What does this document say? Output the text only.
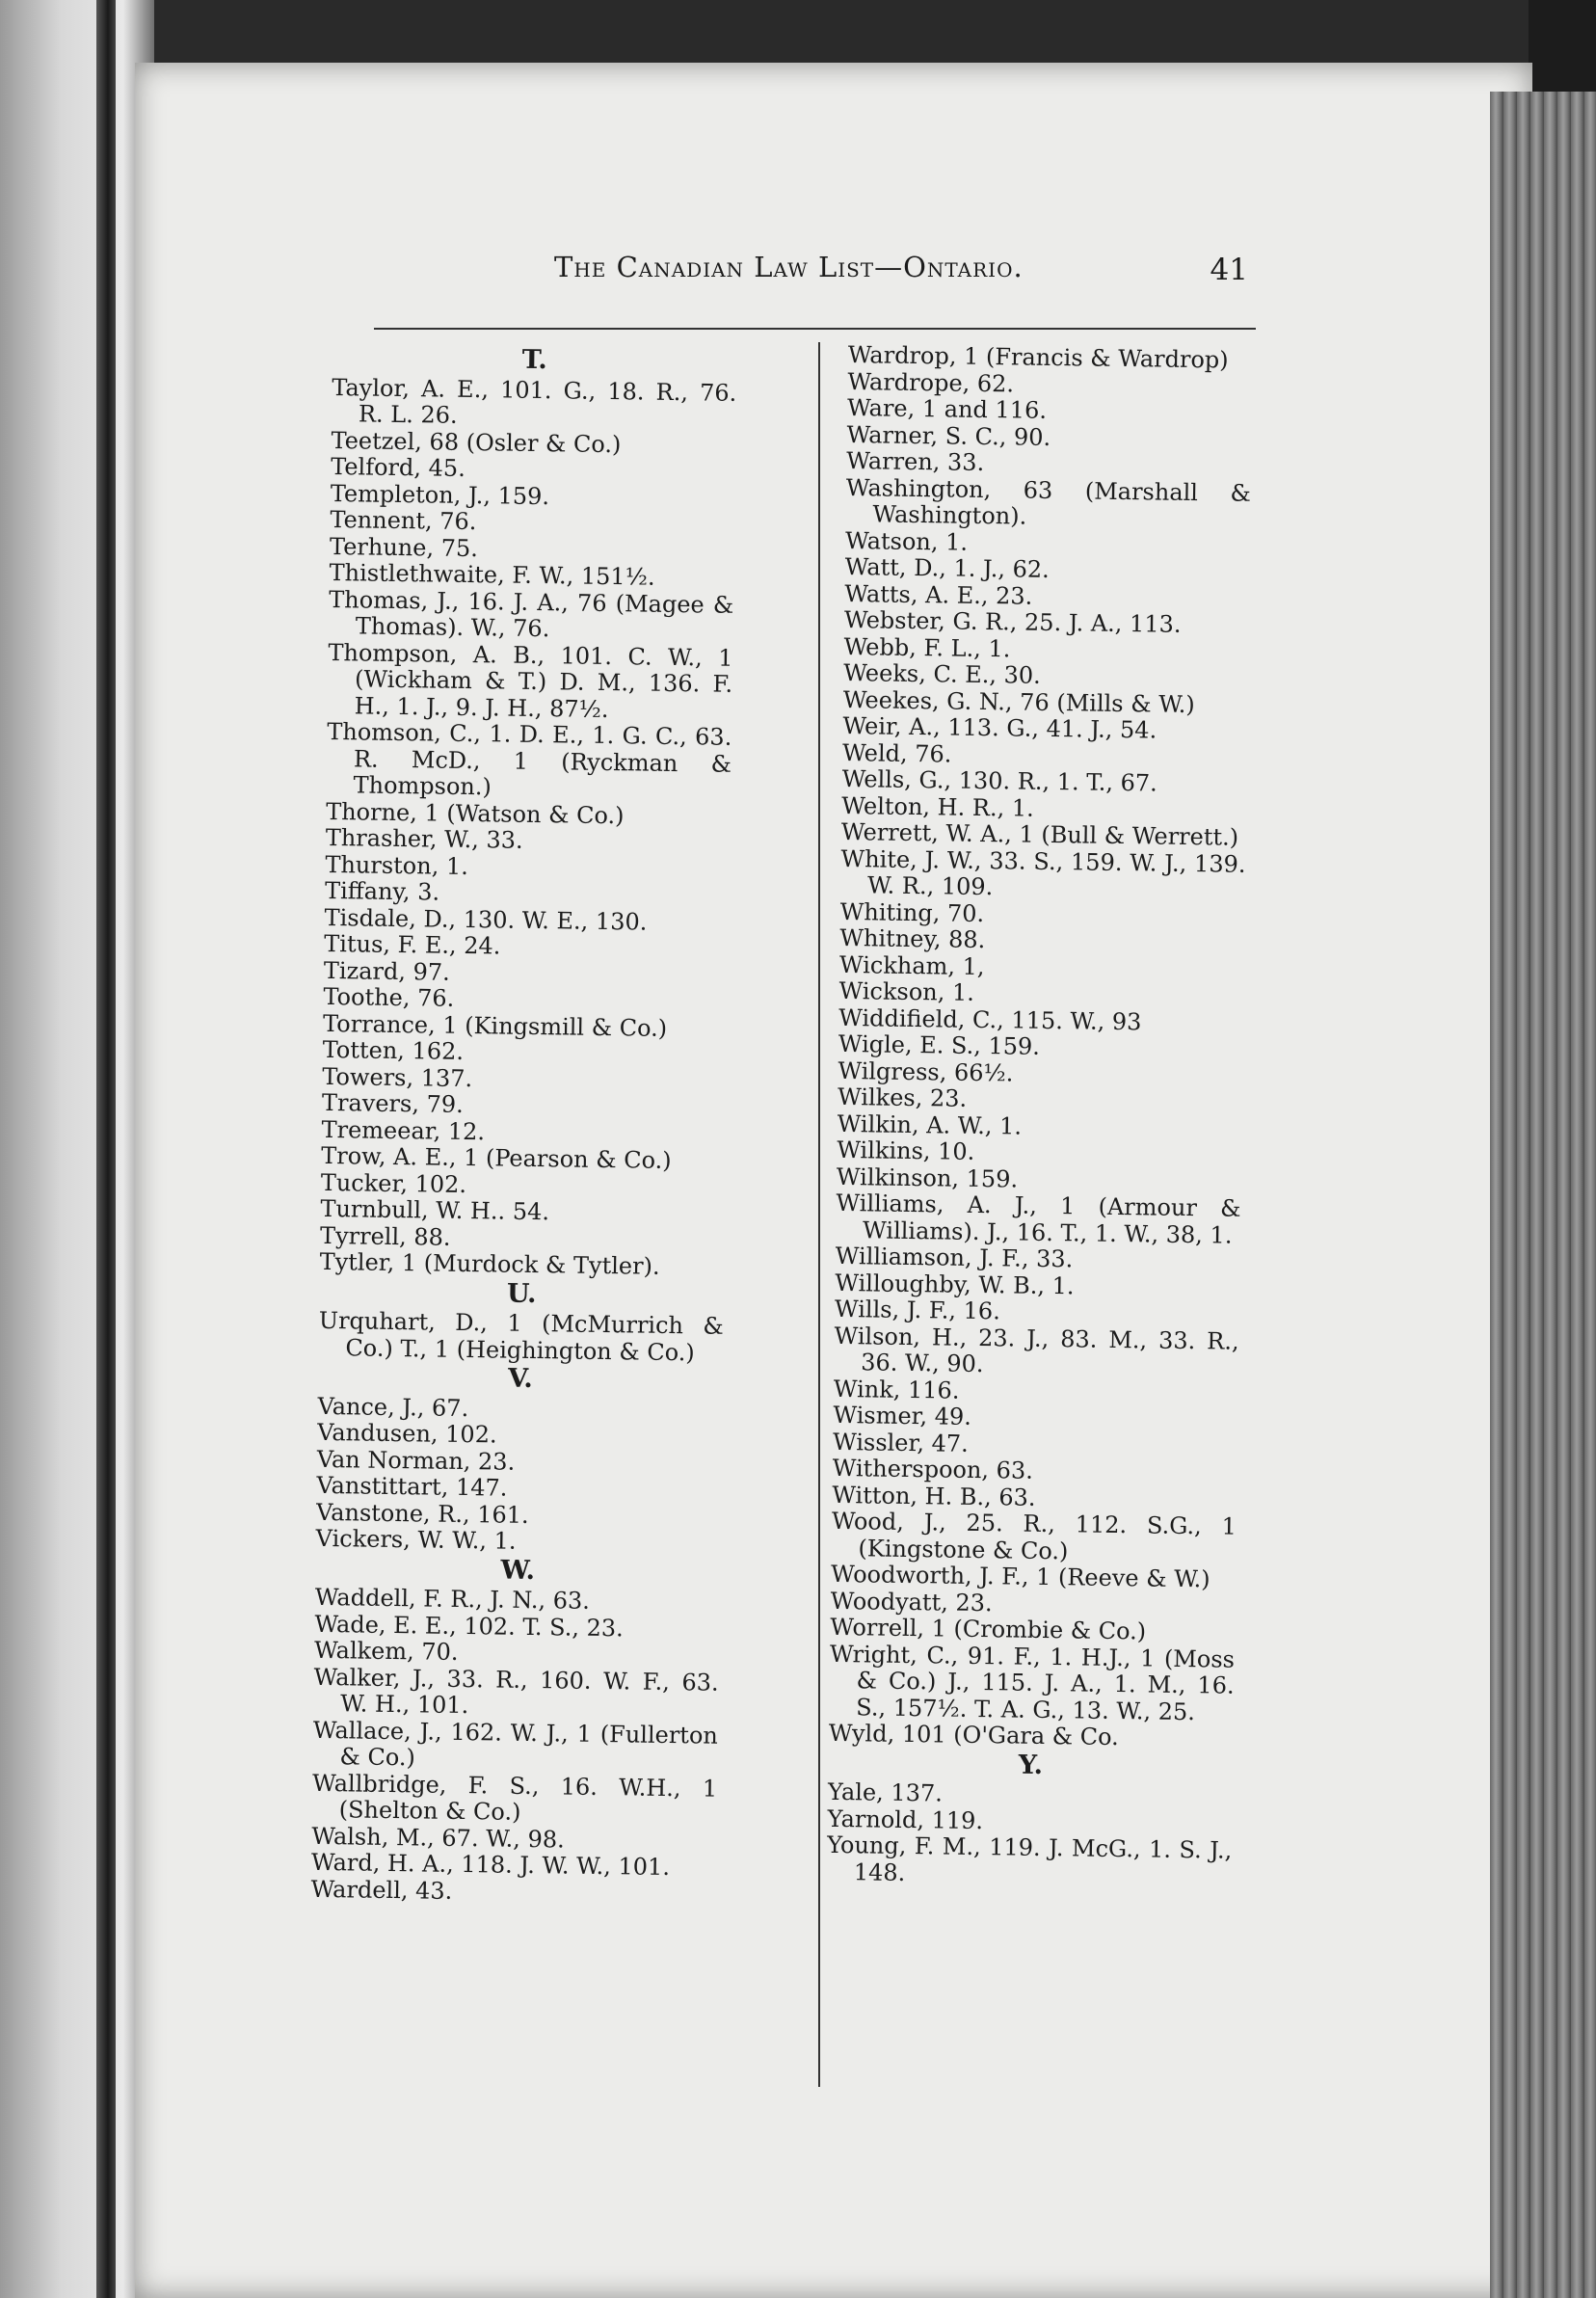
The Canadian Law List—Ontario.	41
T.
Taylor, A. E., 101. G., 18. R., 76. R. L. 26.
Teetzel, 68 (Osler & Co.)
Telford, 45.
Templeton, J., 159.
Tennent, 76.
Terhune, 75.
Thistlethwaite, F. W., 151½.
Thomas, J., 16. J. A., 76 (Magee & Thomas). W., 76.
Thompson, A. B., 101. C. W., 1 (Wickham & T.) D. M., 136. F. H., 1. J., 9. J. H., 87½.
Thomson, C., 1. D. E., 1. G. C., 63. R. McD., 1 (Ryckman & Thompson.)
Thorne, 1 (Watson & Co.)
Thrasher, W., 33.
Thurston, 1.
Tiffany, 3.
Tisdale, D., 130. W. E., 130.
Titus, F. E., 24.
Tizard, 97.
Toothe, 76.
Torrance, 1 (Kingsmill & Co.)
Totten, 162.
Towers, 137.
Travers, 79.
Tremeear, 12.
Trow, A. E., 1 (Pearson & Co.)
Tucker, 102.
Turnbull, W. H.. 54.
Tyrrell, 88.
Tytler, 1 (Murdock & Tytler).
U.
Urquhart, D., 1 (McMurrich & Co.) T., 1 (Heighington & Co.)
V.
Vance, J., 67.
Vandusen, 102.
Van Norman, 23.
Vanstittart, 147.
Vanstone, R., 161.
Vickers, W. W., 1.
W.
Waddell, F. R., J. N., 63.
Wade, E. E., 102. T. S., 23.
Walkem, 70.
Walker, J., 33. R., 160. W. F., 63. W. H., 101.
Wallace, J., 162. W. J., 1 (Fullerton & Co.)
Wallbridge, F. S., 16. W.H., 1 (Shelton & Co.)
Walsh, M., 67. W., 98.
Ward, H. A., 118. J. W. W., 101.
Wardell, 43.
Wardrop, 1 (Francis & Wardrop)
Wardrope, 62.
Ware, 1 and 116.
Warner, S. C., 90.
Warren, 33.
Washington, 63 (Marshall & Washington).
Watson, 1.
Watt, D., 1. J., 62.
Watts, A. E., 23.
Webster, G. R., 25. J. A., 113.
Webb, F. L., 1.
Weeks, C. E., 30.
Weekes, G. N., 76 (Mills & W.)
Weir, A., 113. G., 41. J., 54.
Weld, 76.
Wells, G., 130. R., 1. T., 67.
Welton, H. R., 1.
Werrett, W. A., 1 (Bull & Werrett.)
White, J. W., 33. S., 159. W. J., 139. W. R., 109.
Whiting, 70.
Whitney, 88.
Wickham, 1,
Wickson, 1.
Widdifield, C., 115. W., 93
Wigle, E. S., 159.
Wilgress, 66½.
Wilkes, 23.
Wilkin, A. W., 1.
Wilkins, 10.
Wilkinson, 159.
Williams, A. J., 1 (Armour & Williams). J., 16. T., 1. W., 38, 1.
Williamson, J. F., 33.
Willoughby, W. B., 1.
Wills, J. F., 16.
Wilson, H., 23. J., 83. M., 33. R., 36. W., 90.
Wink, 116.
Wismer, 49.
Wissler, 47.
Witherspoon, 63.
Witton, H. B., 63.
Wood, J., 25. R., 112. S.G., 1 (Kingstone & Co.)
Woodworth, J. F., 1 (Reeve & W.)
Woodyatt, 23.
Worrell, 1 (Crombie & Co.)
Wright, C., 91. F., 1. H.J., 1 (Moss & Co.) J., 115. J. A., 1. M., 16. S., 157½. T. A. G., 13. W., 25.
Wyld, 101 (O'Gara & Co.
Y.
Yale, 137.
Yarnold, 119.
Young, F. M., 119. J. McG., 1. S. J., 148.
